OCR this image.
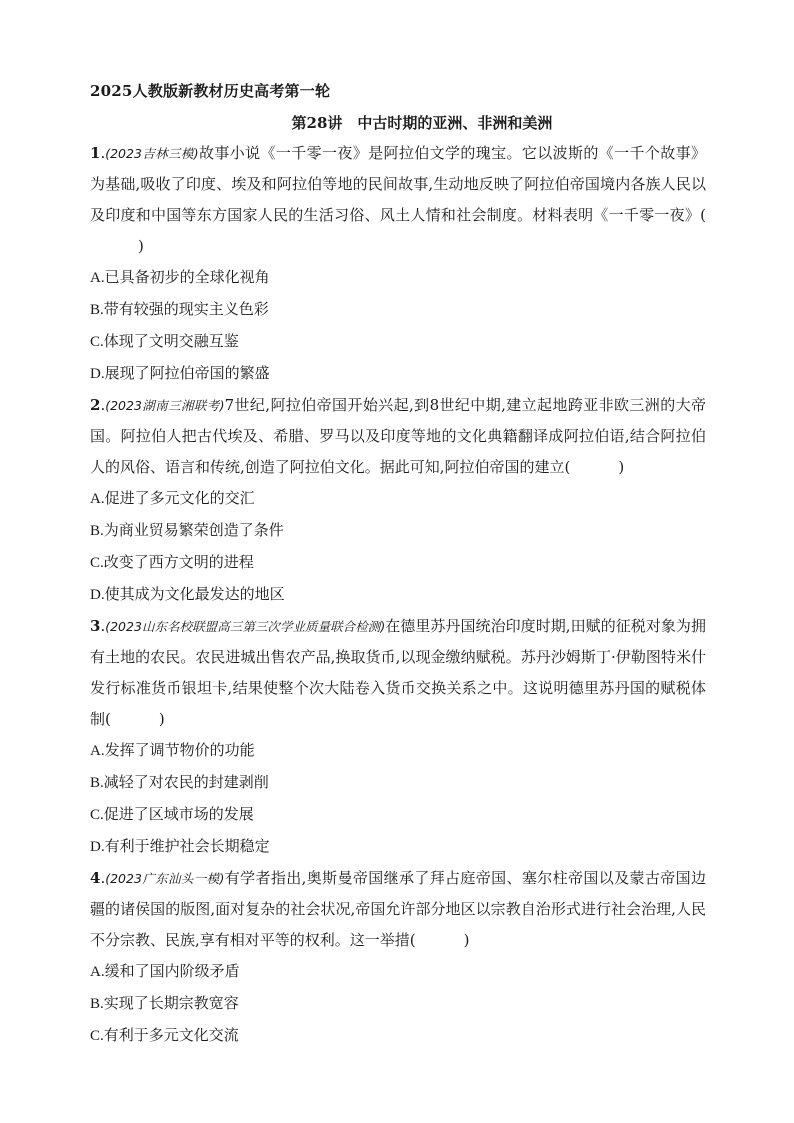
2025人教版新教材历史高考第一轮
第28讲　中古时期的亚洲、非洲和美洲

1.(2023吉林三模)故事小说《一千零一夜》是阿拉伯文学的瑰宝。它以波斯的《一千个故事》为基础,吸收了印度、埃及和阿拉伯等地的民间故事,生动地反映了阿拉伯帝国境内各族人民以及印度和中国等东方国家人民的生活习俗、风土人情和社会制度。材料表明《一千零一夜》()

A.已具备初步的全球化视角

B.带有较强的现实主义色彩

C.体现了文明交融互鉴

D.展现了阿拉伯帝国的繁盛

2.(2023湖南三湘联考)7世纪,阿拉伯帝国开始兴起,到8世纪中期,建立起地跨亚非欧三洲的大帝国。阿拉伯人把古代埃及、希腊、罗马以及印度等地的文化典籍翻译成阿拉伯语,结合阿拉伯人的风俗、语言和传统,创造了阿拉伯文化。据此可知,阿拉伯帝国的建立(	)

A.促进了多元文化的交汇

B.为商业贸易繁荣创造了条件

C.改变了西方文明的进程

D.使其成为文化最发达的地区

3.(2023山东名校联盟高三第三次学业质量联合检测)在德里苏丹国统治印度时期,田赋的征税对象为拥有土地的农民。农民进城出售农产品,换取货币,以现金缴纳赋税。苏丹沙姆斯丁·伊勒图特米什发行标准货币银坦卡,结果使整个次大陆卷入货币交换关系之中。这说明德里苏丹国的赋税体制(	)

A.发挥了调节物价的功能

B.减轻了对农民的封建剥削

C.促进了区域市场的发展

D.有利于维护社会长期稳定

4.(2023广东汕头一模)有学者指出,奥斯曼帝国继承了拜占庭帝国、塞尔柱帝国以及蒙古帝国边疆的诸侯国的版图,面对复杂的社会状况,帝国允许部分地区以宗教自治形式进行社会治理,人民不分宗教、民族,享有相对平等的权利。这一举措(	)

A.缓和了国内阶级矛盾

B.实现了长期宗教宽容

C.有利于多元文化交流
